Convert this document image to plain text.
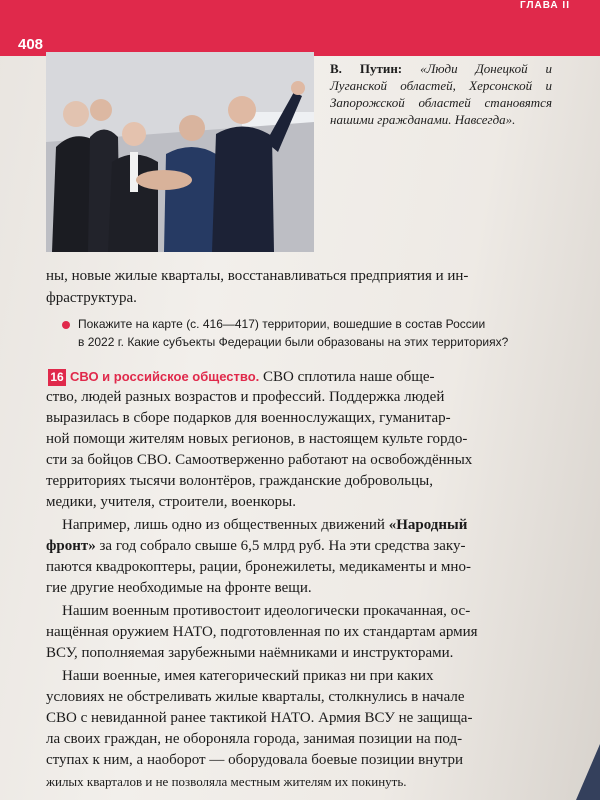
408
ГЛАВА II
В. Путин: «Люди Донецкой и Луганской областей, Херсонской и Запорожской областей становятся нашими гражданами. Навсегда».
ны, новые жилые кварталы, восстанавливаться предприятия и ин-
фраструктура.
Покажите на карте (с. 416—417) территории, вошедшие в состав России
в 2022 г. Какие субъекты Федерации были образованы на этих территориях?
16 СВО и российское общество. СВО сплотила наше обще-
ство, людей разных возрастов и профессий. Поддержка людей
выразилась в сборе подарков для военнослужащих, гуманитар-
ной помощи жителям новых регионов, в настоящем культе гордо-
сти за бойцов СВО. Самоотверженно работают на освобождённых
территориях тысячи волонтёров, гражданские добровольцы,
медики, учителя, строители, военкоры.
Например, лишь одно из общественных движений «Народный
фронт» за год собрало свыше 6,5 млрд руб. На эти средства заку-
паются квадрокоптеры, рации, бронежилеты, медикаменты и мно-
гие другие необходимые на фронте вещи.
Нашим военным противостоит идеологически прокачанная, ос-
нащённая оружием НАТО, подготовленная по их стандартам армия
ВСУ, пополняемая зарубежными наёмниками и инструкторами.
Наши военные, имея категорический приказ ни при каких
условиях не обстреливать жилые кварталы, столкнулись в начале
СВО с невиданной ранее тактикой НАТО. Армия ВСУ не защища-
ла своих граждан, не обороняла города, занимая позиции на под-
ступах к ним, а наоборот — оборудовала боевые позиции внутри
жилых кварталов и не позволяла местным жителям их покинуть.
